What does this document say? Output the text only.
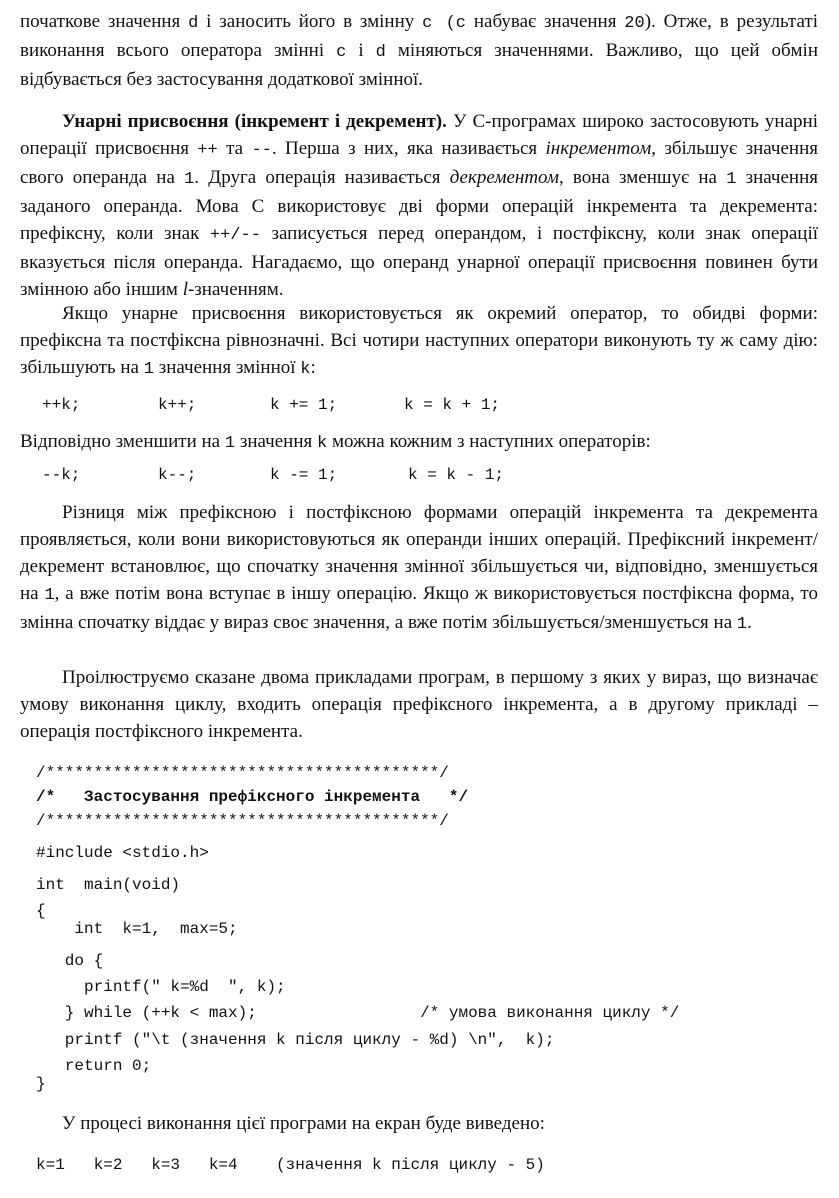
початкове значення d і заносить його в змінну c (c набуває значення 20). Отже, в результаті виконання всього оператора змінні c і d міняються значеннями. Важливо, що цей обмін відбувається без застосування додаткової змінної.

Унарні присвоєння (інкремент і декремент). У С-програмах широко застосовують унарні операції присвоєння ++ та --. Перша з них, яка називається інкрементом, збільшує значення свого операнда на 1. Друга операція називається декрементом, вона зменшує на 1 значення заданого операнда. Мова С використовує дві форми операцій інкремента та декремента: префіксну, коли знак ++/-- записується перед операндом, і постфіксну, коли знак операції вказується після операнда. Нагадаємо, що операнд унарної операції присвоєння повинен бути змінною або іншим l-значенням.

Якщо унарне присвоєння використовується як окремий оператор, то обидві форми: префіксна та постфіксна рівнозначні. Всі чотири наступних оператори виконують ту ж саму дію: збільшують на 1 значення змінної k:

++k;	k++;	k += 1;	k = k + 1;

Відповідно зменшити на 1 значення k можна кожним з наступних операторів:

--k;	k--;	k -= 1;	k = k - 1;

Різниця між префіксною і постфіксною формами операцій інкремента та декремента проявляється, коли вони використовуються як операнди інших операцій. Префіксний інкремент/декремент встановлює, що спочатку значення змінної збільшується чи, відповідно, зменшується на 1, а вже потім вона вступає в іншу операцію. Якщо ж використовується постфіксна форма, то змінна спочатку віддає у вираз своє значення, а вже потім збільшується/зменшується на 1.

Проілюструємо сказане двома прикладами програм, в першому з яких у вираз, що визначає умову виконання циклу, входить операція префіксного інкремента, а в другому прикладі – операція постфіксного інкремента.

/*****************************************/
/*   Застосування префіксного інкремента   */
/*****************************************/
#include <stdio.h>
int  main(void)
{
int  k=1,  max=5;
do {
printf(" k=%d  ", k);
} while (++k < max);                 /* умова виконання циклу */
printf ("\t (значення k після циклу - %d) \n",  k);
return 0;
}

У процесі виконання цієї програми на екран буде виведено:

k=1   k=2   k=3   k=4    (значення k після циклу - 5)
